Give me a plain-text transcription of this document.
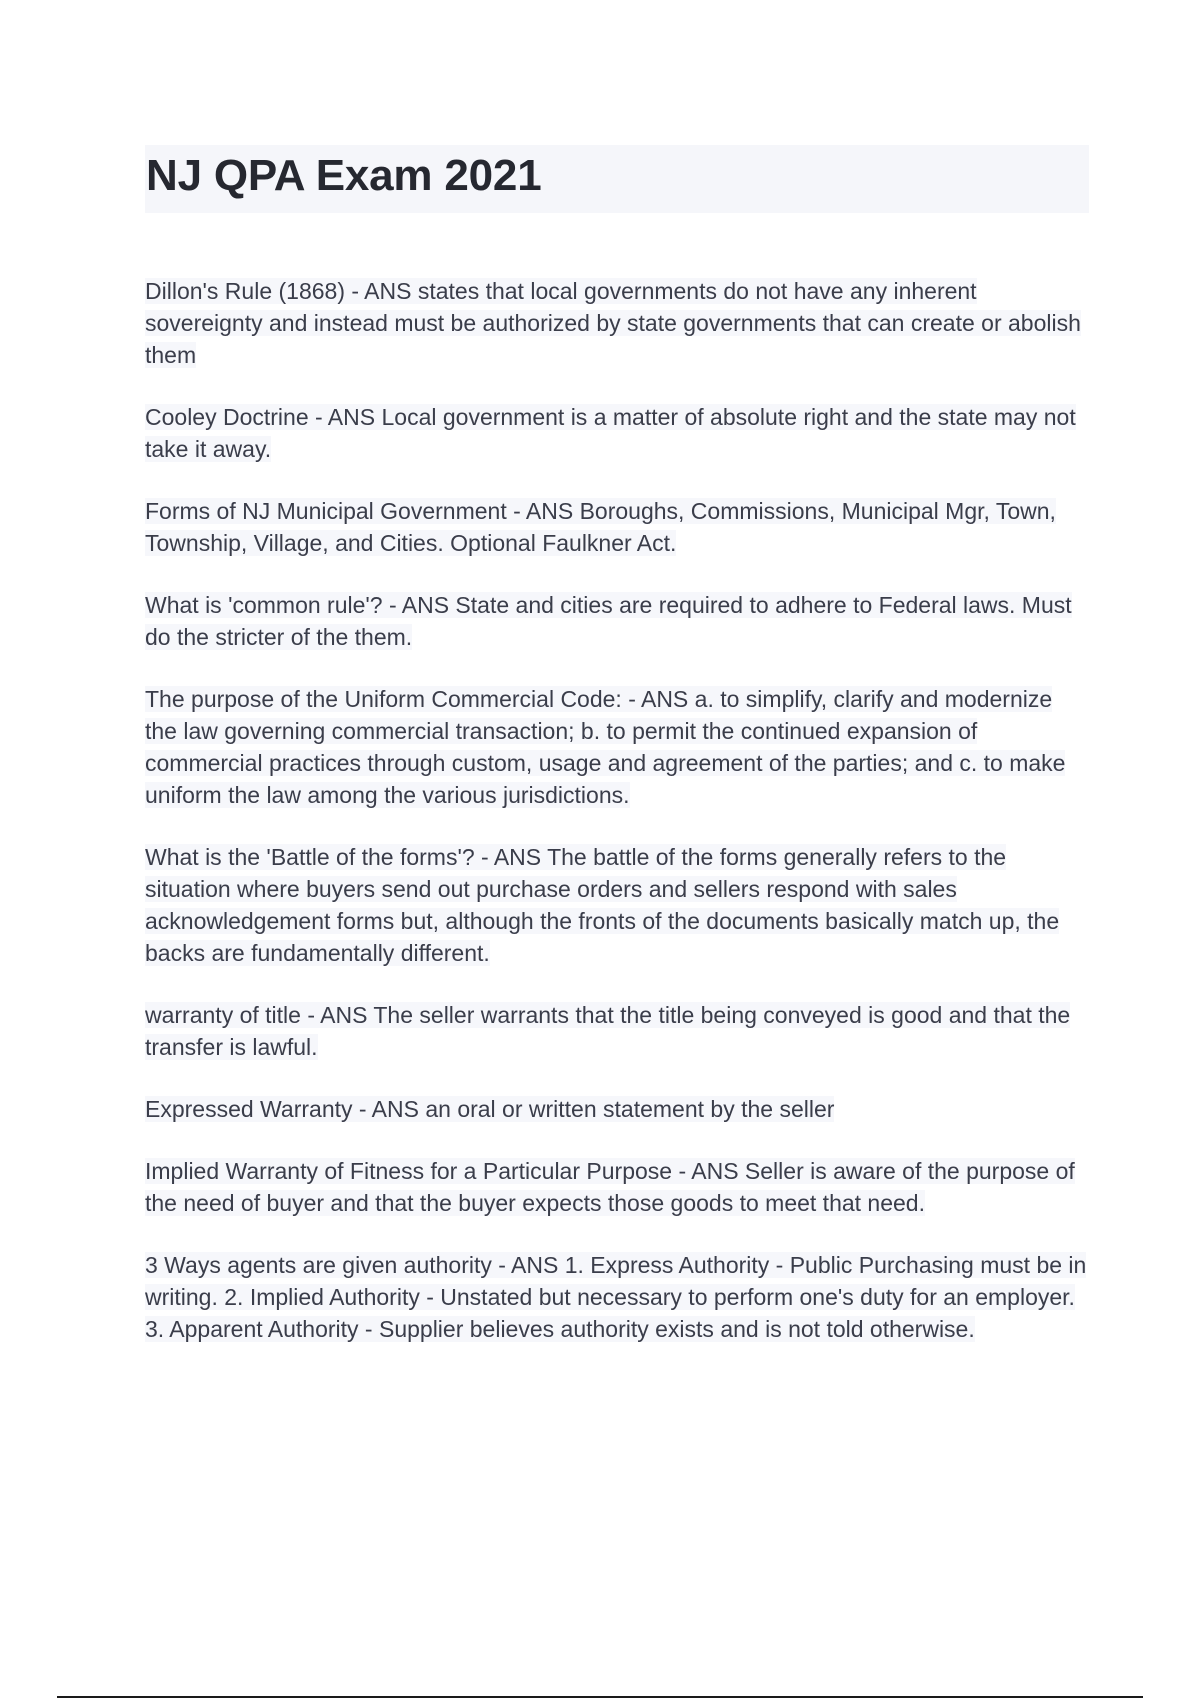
NJ QPA Exam 2021

Dillon's Rule (1868) - ANS states that local governments do not have any inherent sovereignty and instead must be authorized by state governments that can create or abolish them

Cooley Doctrine - ANS Local government is a matter of absolute right and the state may not take it away.

Forms of NJ Municipal Government - ANS Boroughs, Commissions, Municipal Mgr, Town, Township, Village, and Cities. Optional Faulkner Act.

What is 'common rule'? - ANS State and cities are required to adhere to Federal laws. Must do the stricter of the them.

The purpose of the Uniform Commercial Code: - ANS a. to simplify, clarify and modernize the law governing commercial transaction; b. to permit the continued expansion of commercial practices through custom, usage and agreement of the parties; and c. to make uniform the law among the various jurisdictions.

What is the 'Battle of the forms'? - ANS The battle of the forms generally refers to the situation where buyers send out purchase orders and sellers respond with sales acknowledgement forms but, although the fronts of the documents basically match up, the backs are fundamentally different.

warranty of title - ANS The seller warrants that the title being conveyed is good and that the transfer is lawful.

Expressed Warranty - ANS an oral or written statement by the seller

Implied Warranty of Fitness for a Particular Purpose - ANS Seller is aware of the purpose of the need of buyer and that the buyer expects those goods to meet that need.

3 Ways agents are given authority - ANS 1. Express Authority - Public Purchasing must be in writing. 2. Implied Authority - Unstated but necessary to perform one's duty for an employer. 3. Apparent Authority - Supplier believes authority exists and is not told otherwise.
